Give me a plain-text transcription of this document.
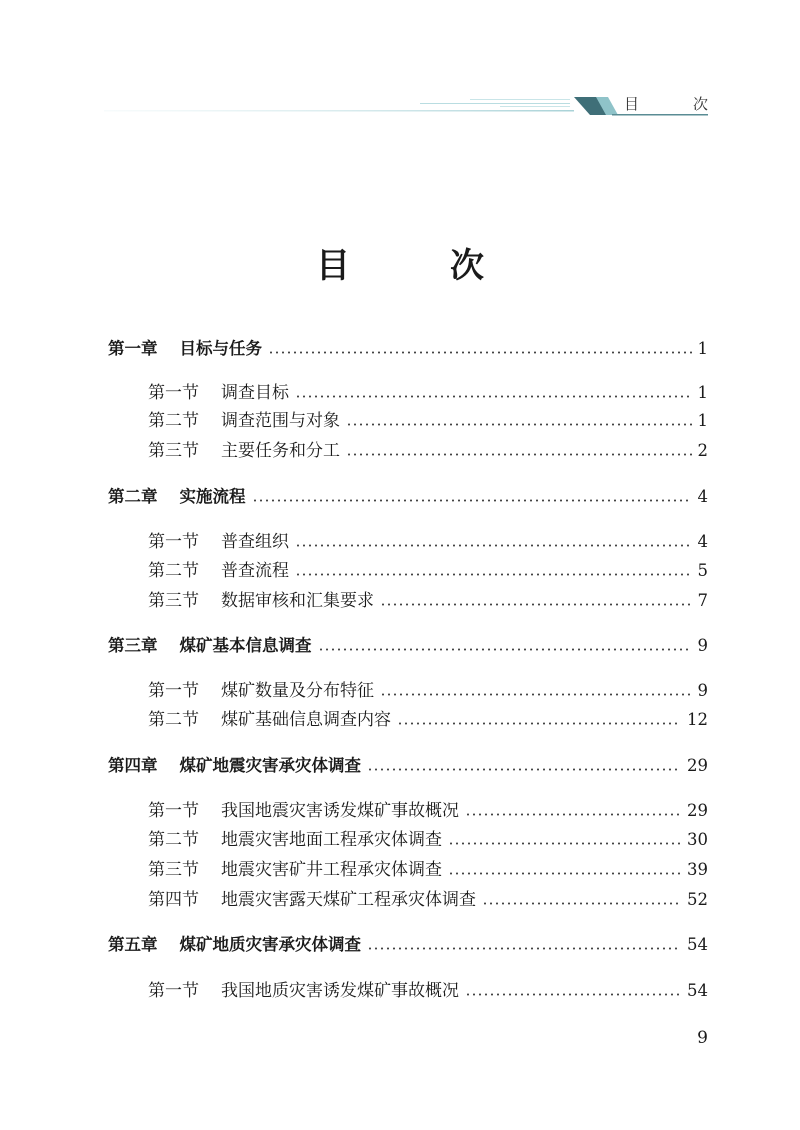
目	次
目	次
第一章 目标与任务	1
第一节 调查目标	1
第二节 调查范围与对象	1
第三节 主要任务和分工	2
第二章 实施流程	4
第一节 普查组织	4
第二节 普查流程	5
第三节 数据审核和汇集要求	7
第三章 煤矿基本信息调查	9
第一节 煤矿数量及分布特征	9
第二节 煤矿基础信息调查内容	12
第四章 煤矿地震灾害承灾体调查	29
第一节 我国地震灾害诱发煤矿事故概况	29
第二节 地震灾害地面工程承灾体调查	30
第三节 地震灾害矿井工程承灾体调查	39
第四节 地震灾害露天煤矿工程承灾体调查	52
第五章 煤矿地质灾害承灾体调查	54
第一节 我国地质灾害诱发煤矿事故概况	54
9
